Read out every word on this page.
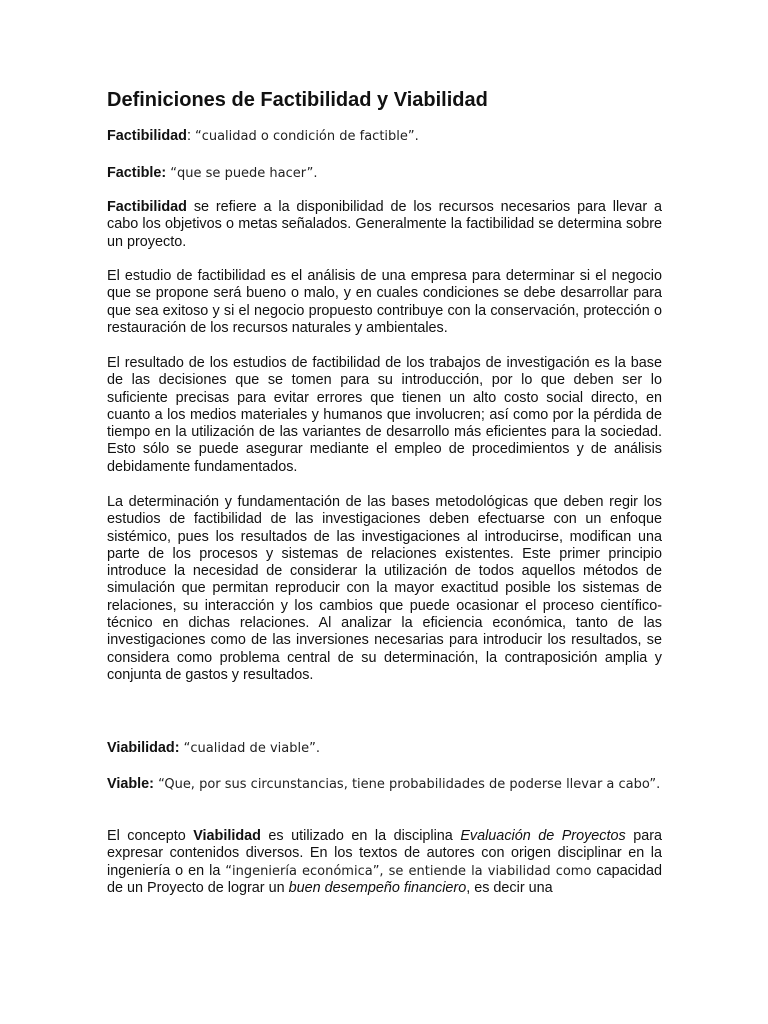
Definiciones de Factibilidad y Viabilidad

Factibilidad: “cualidad o condición de factible”.

Factible: “que se puede hacer”.

Factibilidad se refiere a la disponibilidad de los recursos necesarios para llevar a cabo los objetivos o metas señalados. Generalmente la factibilidad se determina sobre un proyecto.

El estudio de factibilidad es el análisis de una empresa para determinar si el negocio que se propone será bueno o malo, y en cuales condiciones se debe desarrollar para que sea exitoso y si el negocio propuesto contribuye con la conservación, protección o restauración de los recursos naturales y ambientales.

El resultado de los estudios de factibilidad de los trabajos de investigación es la base de las decisiones que se tomen para su introducción, por lo que deben ser lo suficiente precisas para evitar errores que tienen un alto costo social directo, en cuanto a los medios materiales y humanos que involucren; así como por la pérdida de tiempo en la utilización de las variantes de desarrollo más eficientes para la sociedad. Esto sólo se puede asegurar mediante el empleo de procedimientos y de análisis debidamente fundamentados.

La determinación y fundamentación de las bases metodológicas que deben regir los estudios de factibilidad de las investigaciones deben efectuarse con un enfoque sistémico, pues los resultados de las investigaciones al introducirse, modifican una parte de los procesos y sistemas de relaciones existentes. Este primer principio introduce la necesidad de considerar la utilización de todos aquellos métodos de simulación que permitan reproducir con la mayor exactitud posible los sistemas de relaciones, su interacción y los cambios que puede ocasionar el proceso científico-técnico en dichas relaciones. Al analizar la eficiencia económica, tanto de las investigaciones como de las inversiones necesarias para introducir los resultados, se considera como problema central de su determinación, la contraposición amplia y conjunta de gastos y resultados.

Viabilidad: “cualidad de viable”.

Viable: “Que, por sus circunstancias, tiene probabilidades de poderse llevar a cabo”.

El concepto Viabilidad es utilizado en la disciplina Evaluación de Proyectos para expresar contenidos diversos. En los textos de autores con origen disciplinar en la ingeniería o en la “ingeniería económica”, se entiende la viabilidad como capacidad de un Proyecto de lograr un buen desempeño financiero, es decir una
